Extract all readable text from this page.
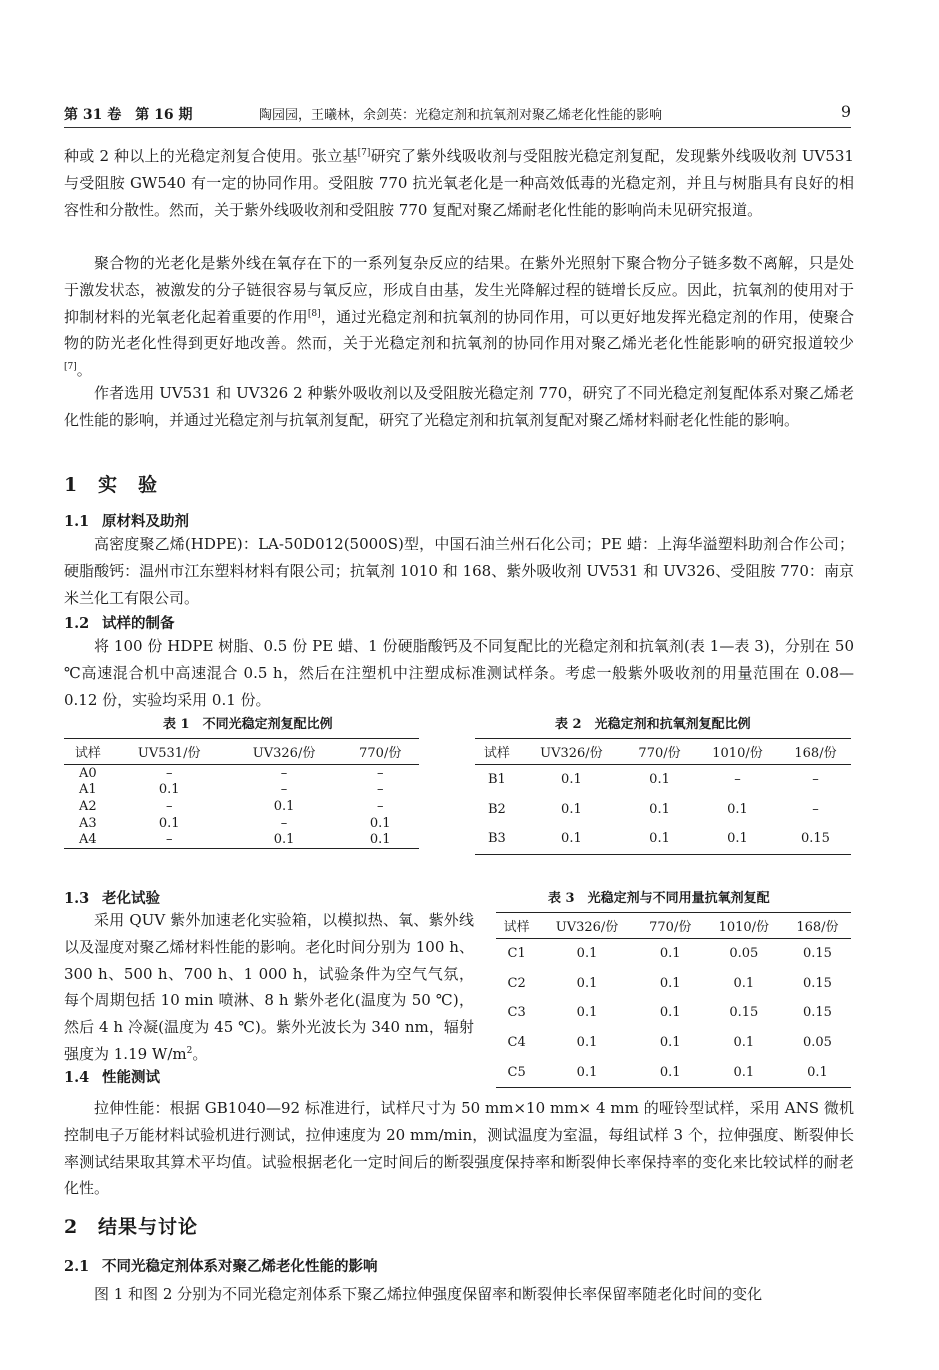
第 31 卷　第 16 期	陶园园，王曦林，余剑英：光稳定剂和抗氧剂对聚乙烯老化性能的影响	9

种或 2 种以上的光稳定剂复合使用。张立基[7]研究了紫外线吸收剂与受阻胺光稳定剂复配，发现紫外线吸收剂 UV531 与受阻胺 GW540 有一定的协同作用。受阻胺 770 抗光氧老化是一种高效低毒的光稳定剂，并且与树脂具有良好的相容性和分散性。然而，关于紫外线吸收剂和受阻胺 770 复配对聚乙烯耐老化性能的影响尚未见研究报道。

聚合物的光老化是紫外线在氧存在下的一系列复杂反应的结果。在紫外光照射下聚合物分子链多数不离解，只是处于激发状态，被激发的分子链很容易与氧反应，形成自由基，发生光降解过程的链增长反应。因此，抗氧剂的使用对于抑制材料的光氧老化起着重要的作用[8]，通过光稳定剂和抗氧剂的协同作用，可以更好地发挥光稳定剂的作用，使聚合物的防光老化性得到更好地改善。然而，关于光稳定剂和抗氧剂的协同作用对聚乙烯光老化性能影响的研究报道较少[7]。

作者选用 UV531 和 UV326 2 种紫外吸收剂以及受阻胺光稳定剂 770，研究了不同光稳定剂复配体系对聚乙烯老化性能的影响，并通过光稳定剂与抗氧剂复配，研究了光稳定剂和抗氧剂复配对聚乙烯材料耐老化性能的影响。

1 实　验
1.1 原材料及助剂

高密度聚乙烯(HDPE)：LA-50D012(5000S)型，中国石油兰州石化公司；PE 蜡：上海华溢塑料助剂合作公司；硬脂酸钙：温州市江东塑料材料有限公司；抗氧剂 1010 和 168、紫外吸收剂 UV531 和 UV326、受阻胺 770：南京米兰化工有限公司。

1.2 试样的制备

将 100 份 HDPE 树脂、0.5 份 PE 蜡、1 份硬脂酸钙及不同复配比的光稳定剂和抗氧剂(表 1—表 3)，分别在 50 ℃高速混合机中高速混合 0.5 h，然后在注塑机中注塑成标准测试样条。考虑一般紫外吸收剂的用量范围在 0.08—0.12 份，实验均采用 0.1 份。

表 1　不同光稳定剂复配比例
试样	UV531/份	UV326/份	770/份
A0	–	–	–
A1	0.1	–	–
A2	–	0.1	–
A3	0.1	–	0.1
A4	–	0.1	0.1
表 2　光稳定剂和抗氧剂复配比例
试样	UV326/份	770/份	1010/份	168/份
B1	0.1	0.1	–	–
B2	0.1	0.1	0.1	–
B3	0.1	0.1	0.1	0.15
1.3 老化试验

采用 QUV 紫外加速老化实验箱，以模拟热、氧、紫外线以及湿度对聚乙烯材料性能的影响。老化时间分别为 100 h、300 h、500 h、700 h、1 000 h，试验条件为空气气氛，每个周期包括 10 min 喷淋、8 h 紫外老化(温度为 50 ℃)，然后 4 h 冷凝(温度为 45 ℃)。紫外光波长为 340 nm，辐射强度为 1.19 $W/m^2$。

表 3　光稳定剂与不同用量抗氧剂复配
试样	UV326/份	770/份	1010/份	168/份
C1	0.1	0.1	0.05	0.15
C2	0.1	0.1	0.1	0.15
C3	0.1	0.1	0.15	0.15
C4	0.1	0.1	0.1	0.05
C5	0.1	0.1	0.1	0.1
1.4 性能测试

拉伸性能：根据 GB1040—92 标准进行，试样尺寸为 50 mm×10 mm× 4 mm 的哑铃型试样，采用 ANS 微机控制电子万能材料试验机进行测试，拉伸速度为 20 mm/min，测试温度为室温，每组试样 3 个，拉伸强度、断裂伸长率测试结果取其算术平均值。试验根据老化一定时间后的断裂强度保持率和断裂伸长率保持率的变化来比较试样的耐老化性。

2 结果与讨论
2.1 不同光稳定剂体系对聚乙烯老化性能的影响

图 1 和图 2 分别为不同光稳定剂体系下聚乙烯拉伸强度保留率和断裂伸长率保留率随老化时间的变化
